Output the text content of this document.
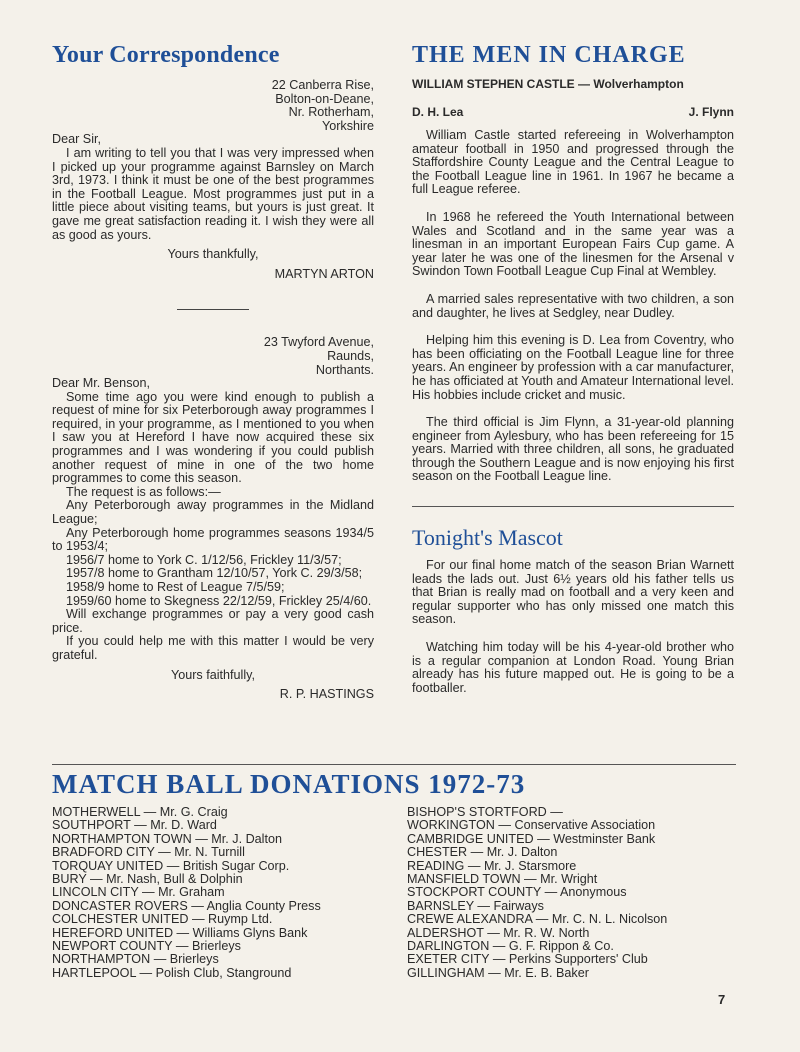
Your Correspondence
22 Canberra Rise,
Bolton-on-Deane,
Nr. Rotherham,
Yorkshire

Dear Sir,

I am writing to tell you that I was very impressed when I picked up your programme against Barnsley on March 3rd, 1973. I think it must be one of the best programmes in the Football League. Most programmes just put in a little piece about visiting teams, but yours is just great. It gave me great satisfaction reading it. I wish they were all as good as yours.

Yours thankfully,

MARTYN ARTON

23 Twyford Avenue,
Raunds,
Northants.

Dear Mr. Benson,

Some time ago you were kind enough to publish a request of mine for six Peterborough away programmes I required, in your programme, as I mentioned to you when I saw you at Hereford I have now acquired these six programmes and I was wondering if you could publish another request of mine in one of the two home programmes to come this season.

The request is as follows:—

Any Peterborough away programmes in the Midland League;

Any Peterborough home programmes seasons 1934/5 to 1953/4;

1956/7 home to York C. 1/12/56, Frickley 11/3/57;

1957/8 home to Grantham 12/10/57, York C. 29/3/58;

1958/9 home to Rest of League 7/5/59;

1959/60 home to Skegness 22/12/59, Frickley 25/4/60.

Will exchange programmes or pay a very good cash price.

If you could help me with this matter I would be very grateful.

Yours faithfully,

R. P. HASTINGS

THE MEN IN CHARGE

WILLIAM STEPHEN CASTLE — Wolverhampton

D. H. Lea	J. Flynn

William Castle started refereeing in Wolverhampton amateur football in 1950 and progressed through the Staffordshire County League and the Central League to the Football League line in 1961. In 1967 he became a full League referee.

In 1968 he refereed the Youth International between Wales and Scotland and in the same year was a linesman in an important European Fairs Cup game. A year later he was one of the linesmen for the Arsenal v Swindon Town Football League Cup Final at Wembley.

A married sales representative with two children, a son and daughter, he lives at Sedgley, near Dudley.

Helping him this evening is D. Lea from Coventry, who has been officiating on the Football League line for three years. An engineer by profession with a car manufacturer, he has officiated at Youth and Amateur International level. His hobbies include cricket and music.

The third official is Jim Flynn, a 31-year-old planning engineer from Aylesbury, who has been refereeing for 15 years. Married with three children, all sons, he graduated through the Southern League and is now enjoying his first season on the Football League line.

Tonight's Mascot

For our final home match of the season Brian Warnett leads the lads out. Just 6½ years old his father tells us that Brian is really mad on football and a very keen and regular supporter who has only missed one match this season.

Watching him today will be his 4-year-old brother who is a regular companion at London Road. Young Brian already has his future mapped out. He is going to be a footballer.

MATCH BALL DONATIONS 1972-73
MOTHERWELL — Mr. G. Craig
SOUTHPORT — Mr. D. Ward
NORTHAMPTON TOWN — Mr. J. Dalton
BRADFORD CITY — Mr. N. Turnill
TORQUAY UNITED — British Sugar Corp.
BURY — Mr. Nash, Bull & Dolphin
LINCOLN CITY — Mr. Graham
DONCASTER ROVERS — Anglia County Press
COLCHESTER UNITED — Ruymp Ltd.
HEREFORD UNITED — Williams Glyns Bank
NEWPORT COUNTY — Brierleys
NORTHAMPTON — Brierleys
HARTLEPOOL — Polish Club, Stanground
BISHOP'S STORTFORD —
WORKINGTON — Conservative Association
CAMBRIDGE UNITED — Westminster Bank
CHESTER — Mr. J. Dalton
READING — Mr. J. Starsmore
MANSFIELD TOWN — Mr. Wright
STOCKPORT COUNTY — Anonymous
BARNSLEY — Fairways
CREWE ALEXANDRA — Mr. C. N. L. Nicolson
ALDERSHOT — Mr. R. W. North
DARLINGTON — G. F. Rippon & Co.
EXETER CITY — Perkins Supporters' Club
GILLINGHAM — Mr. E. B. Baker
7
